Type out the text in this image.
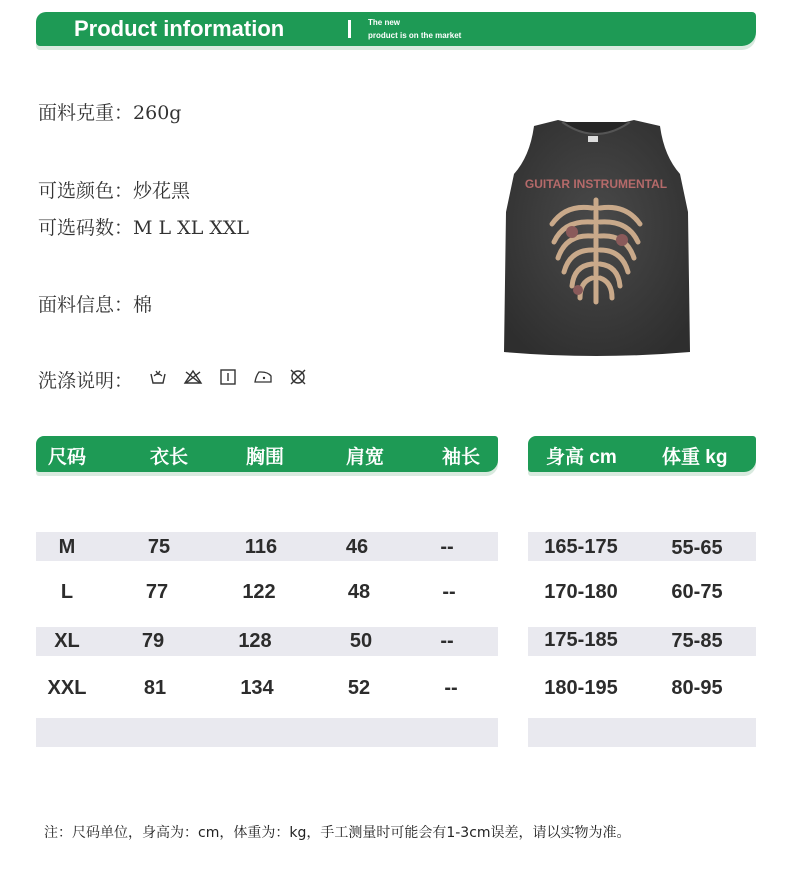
Product information	The new
product is on the market
面料克重：260g
可选颜色：炒花黑
可选码数：M L XL XXL
面料信息：棉
洗涤说明：
GUITAR INSTRUMENTAL
尺码	衣长	胸围	肩宽	袖长	身高 cm 体重 kg
M	75	116	46	--
L	77	122	48	--
XL	79	128	50	--
XXL	81	134	52	--
165-175	55-65
170-180	60-75
175-185	75-85
180-195	80-95
注：尺码单位，身高为：cm，体重为：kg，手工测量时可能会有1-3cm误差，请以实物为准。
